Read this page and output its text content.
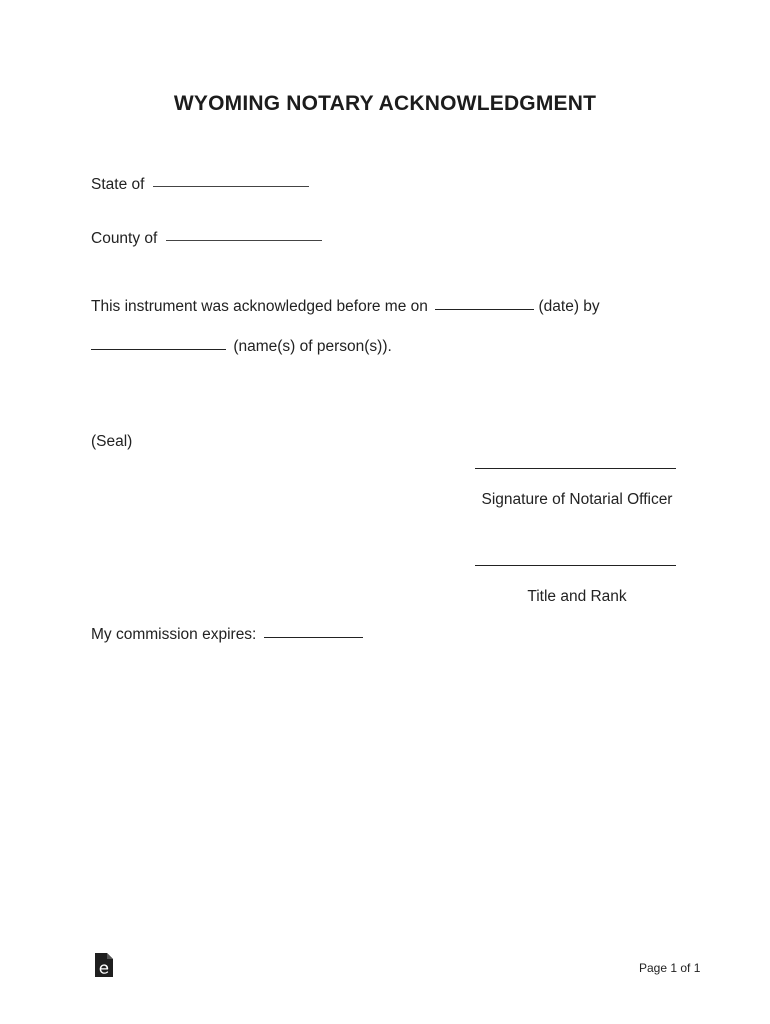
WYOMING NOTARY ACKNOWLEDGMENT
State of
County of
This instrument was acknowledged before me on	(date) by
(name(s) of person(s)).
(Seal)
Signature of Notarial Officer
Title and Rank
My commission expires:
Page 1 of 1
